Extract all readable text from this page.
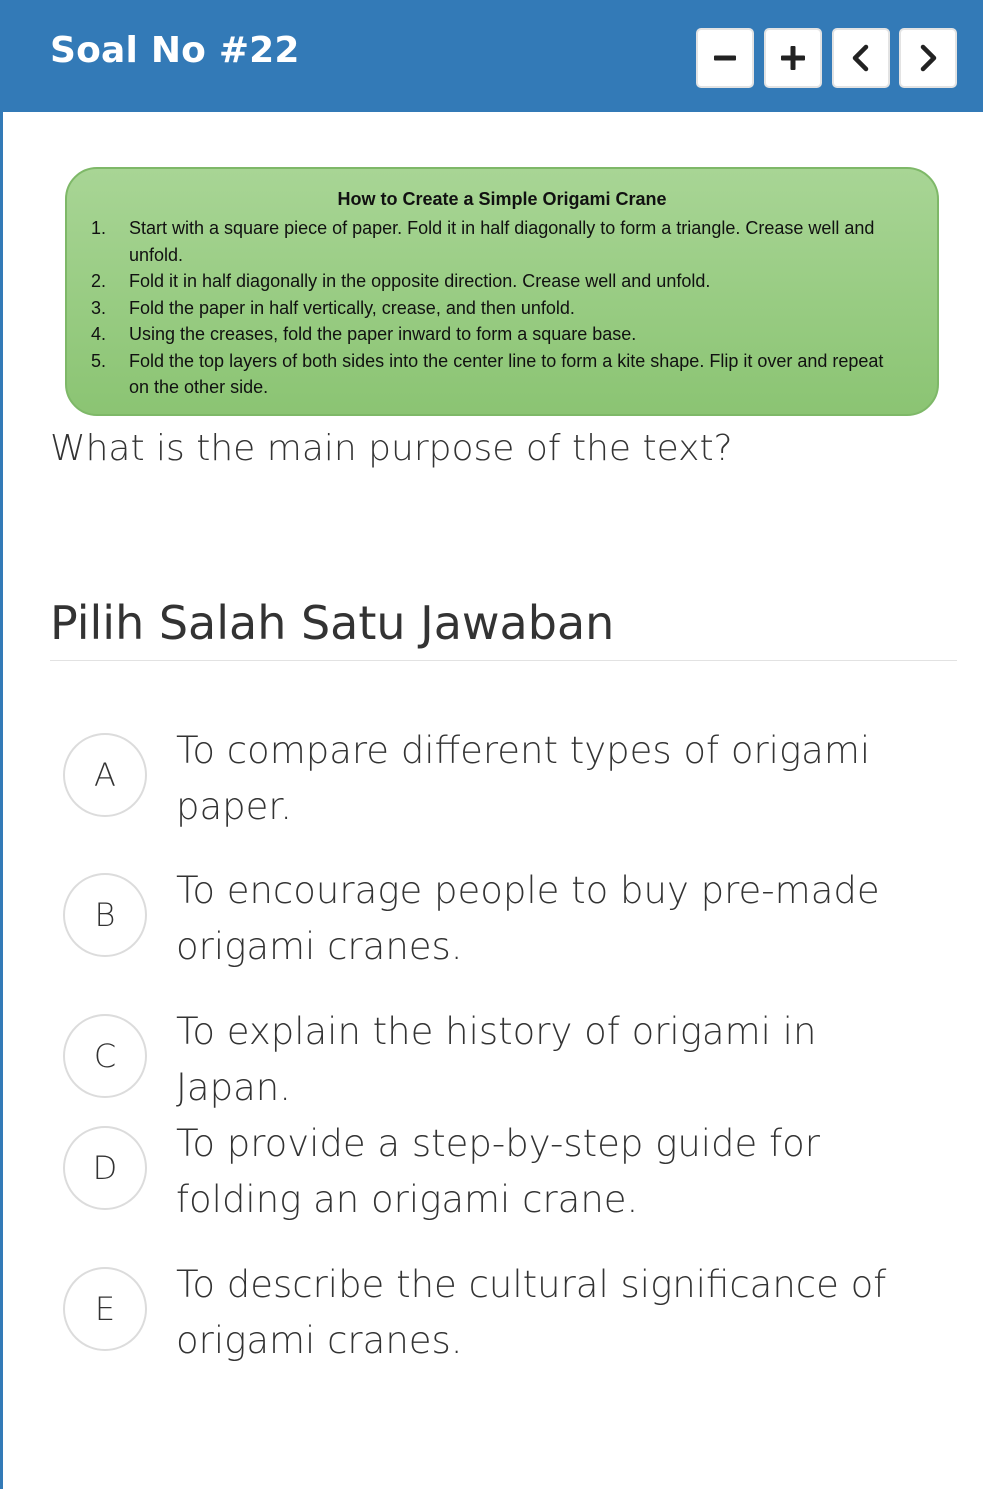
Soal No #22
How to Create a Simple Origami Crane
1.	Start with a square piece of paper. Fold it in half diagonally to form a triangle. Crease well and unfold.
2.	Fold it in half diagonally in the opposite direction. Crease well and unfold.
3.	Fold the paper in half vertically, crease, and then unfold.
4.	Using the creases, fold the paper inward to form a square base.
5.	Fold the top layers of both sides into the center line to form a kite shape. Flip it over and repeat on the other side.
What is the main purpose of the text?
Pilih Salah Satu Jawaban
A
To compare different types of origami paper.
B
To encourage people to buy pre-made origami cranes.
C
To explain the history of origami in Japan.
D
To provide a step-by-step guide for folding an origami crane.
E
To describe the cultural significance of origami cranes.
